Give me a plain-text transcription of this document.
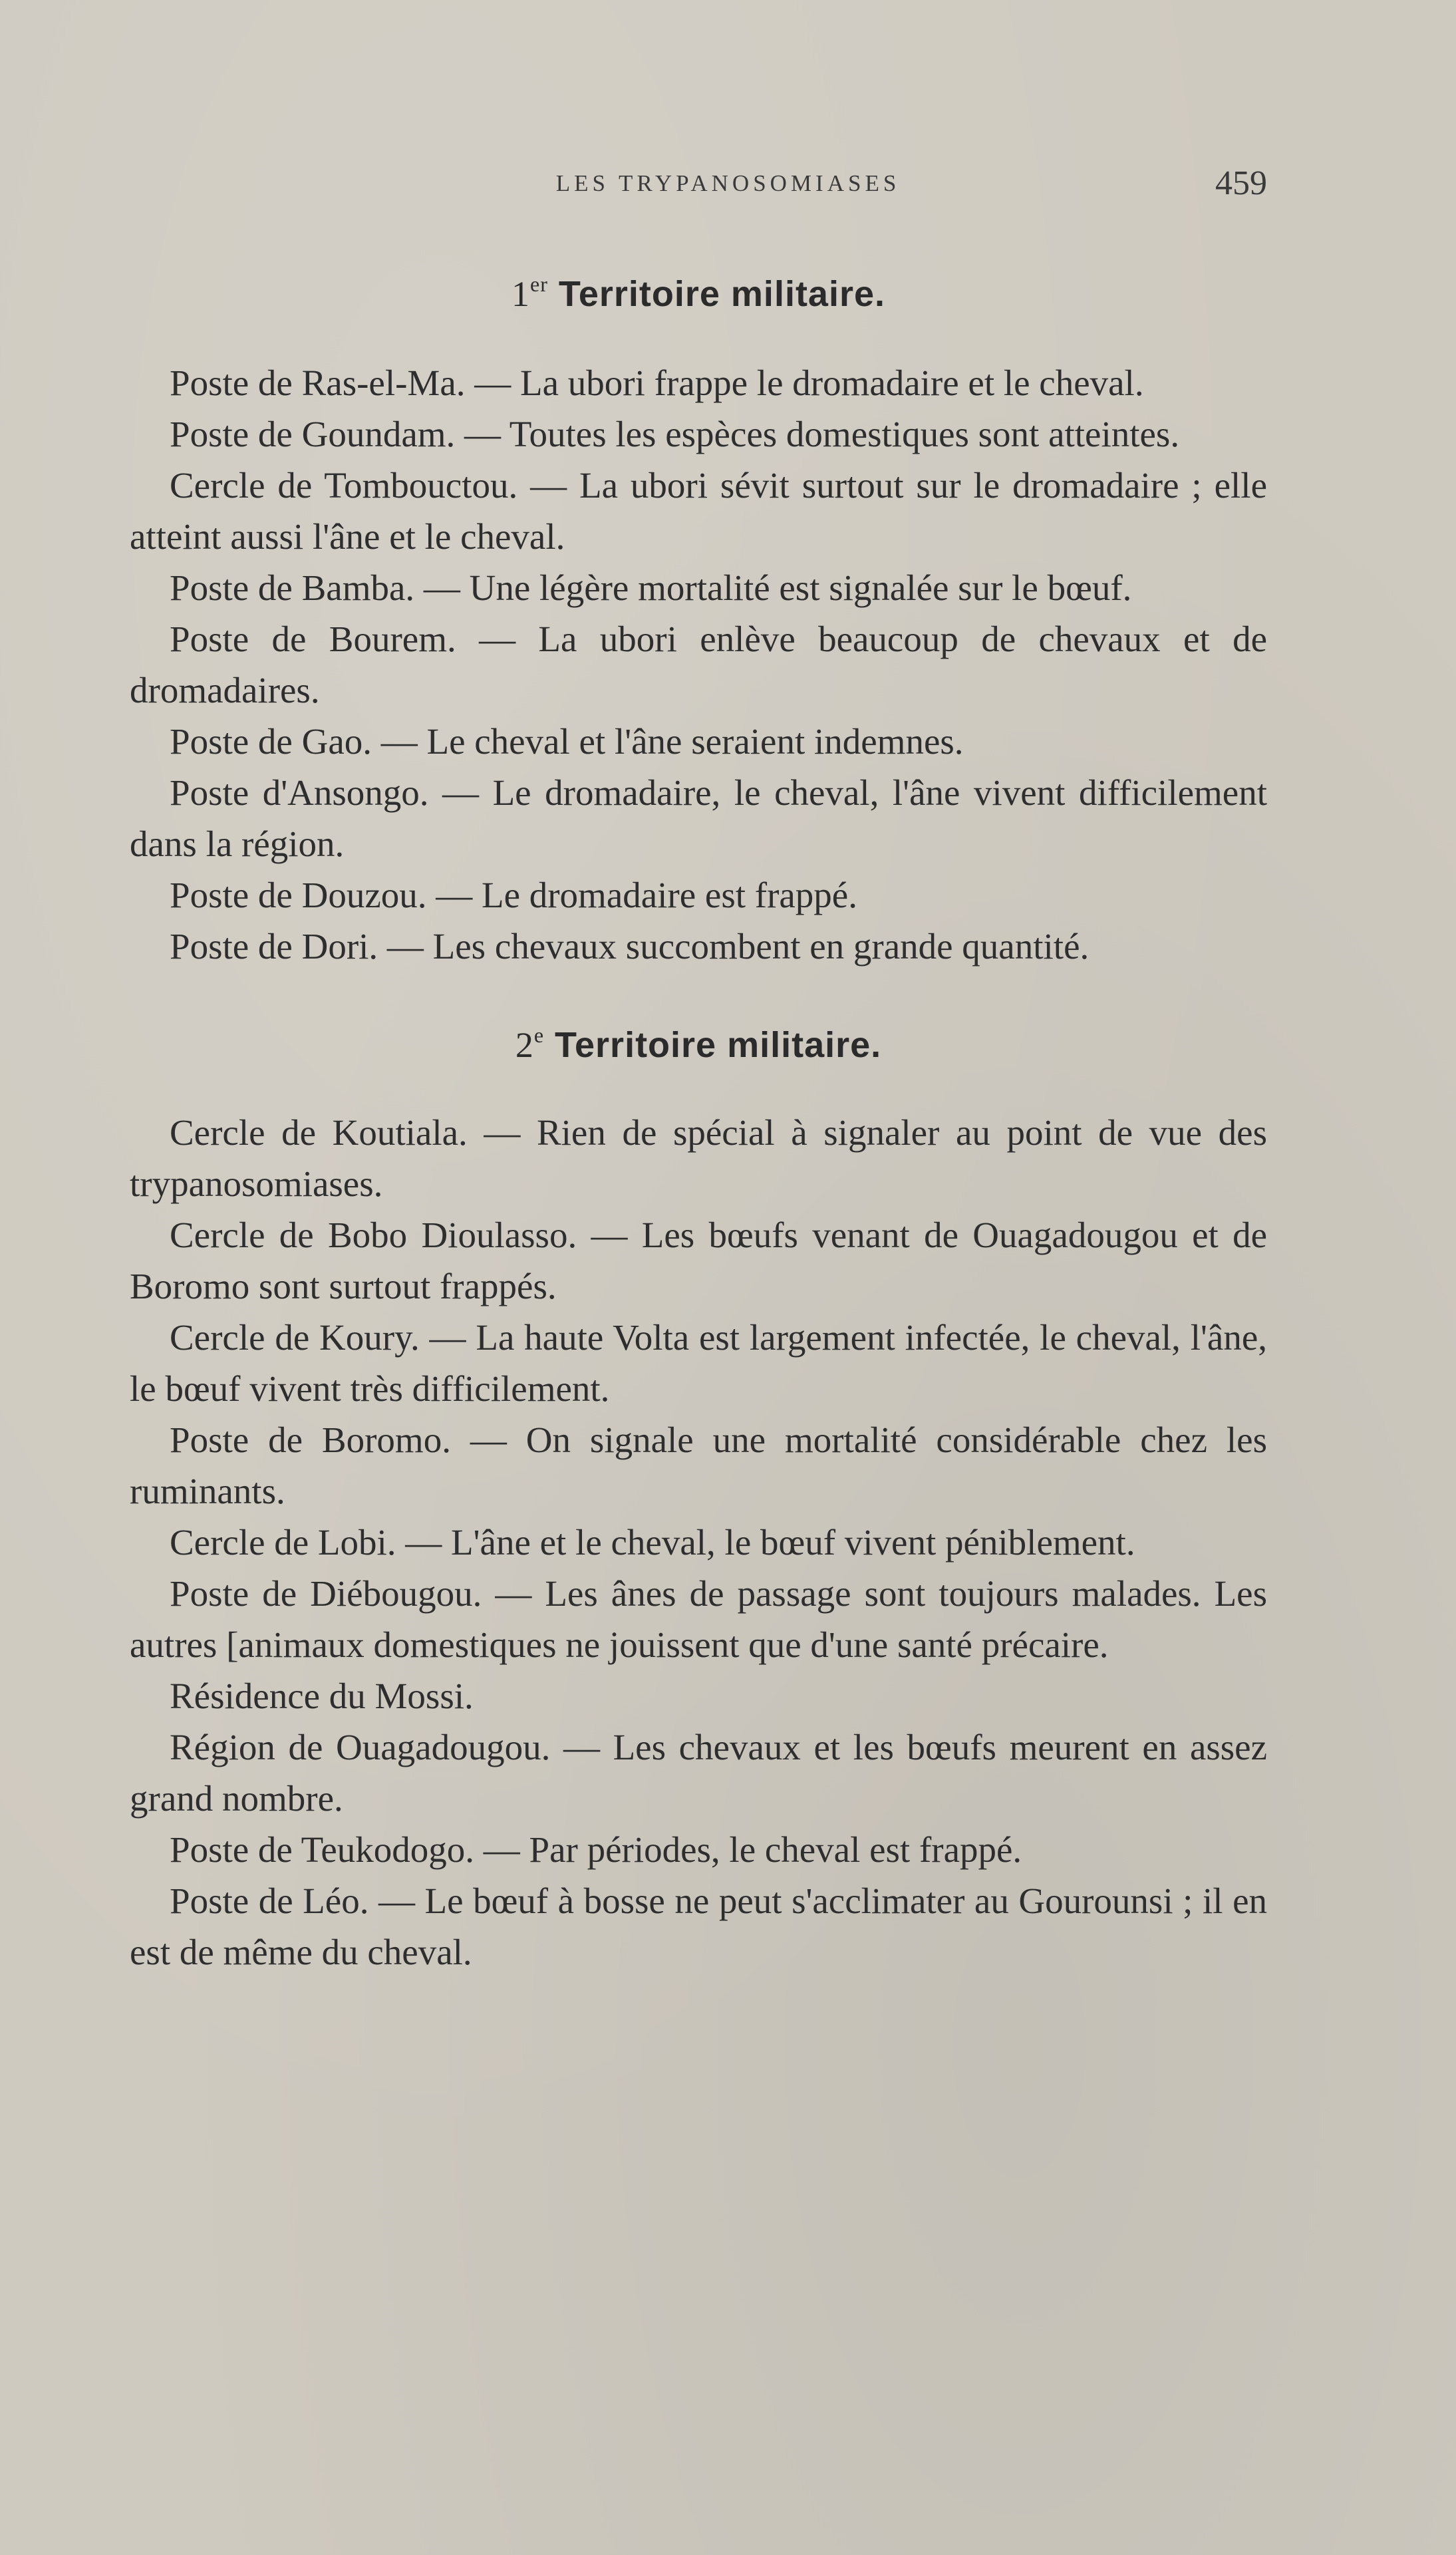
LES TRYPANOSOMIASES	459
1er Territoire militaire.

Poste de Ras-el-Ma. — La ubori frappe le dromadaire et le cheval.

Poste de Goundam. — Toutes les espèces domestiques sont atteintes.

Cercle de Tombouctou. — La ubori sévit surtout sur le dromadaire ; elle atteint aussi l'âne et le cheval.

Poste de Bamba. — Une légère mortalité est signalée sur le bœuf.

Poste de Bourem. — La ubori enlève beaucoup de chevaux et de dromadaires.

Poste de Gao. — Le cheval et l'âne seraient indemnes.

Poste d'Ansongo. — Le dromadaire, le cheval, l'âne vivent difficilement dans la région.

Poste de Douzou. — Le dromadaire est frappé.

Poste de Dori. — Les chevaux succombent en grande quantité.

2e Territoire militaire.

Cercle de Koutiala. — Rien de spécial à signaler au point de vue des trypanosomiases.

Cercle de Bobo Dioulasso. — Les bœufs venant de Ouagadougou et de Boromo sont surtout frappés.

Cercle de Koury. — La haute Volta est largement infectée, le cheval, l'âne, le bœuf vivent très difficilement.

Poste de Boromo. — On signale une mortalité considérable chez les ruminants.

Cercle de Lobi. — L'âne et le cheval, le bœuf vivent péniblement.

Poste de Diébougou. — Les ânes de passage sont toujours malades. Les autres [animaux domestiques ne jouissent que d'une santé précaire.

Résidence du Mossi.

Région de Ouagadougou. — Les chevaux et les bœufs meurent en assez grand nombre.

Poste de Teukodogo. — Par périodes, le cheval est frappé.

Poste de Léo. — Le bœuf à bosse ne peut s'acclimater au Gourounsi ; il en est de même du cheval.
